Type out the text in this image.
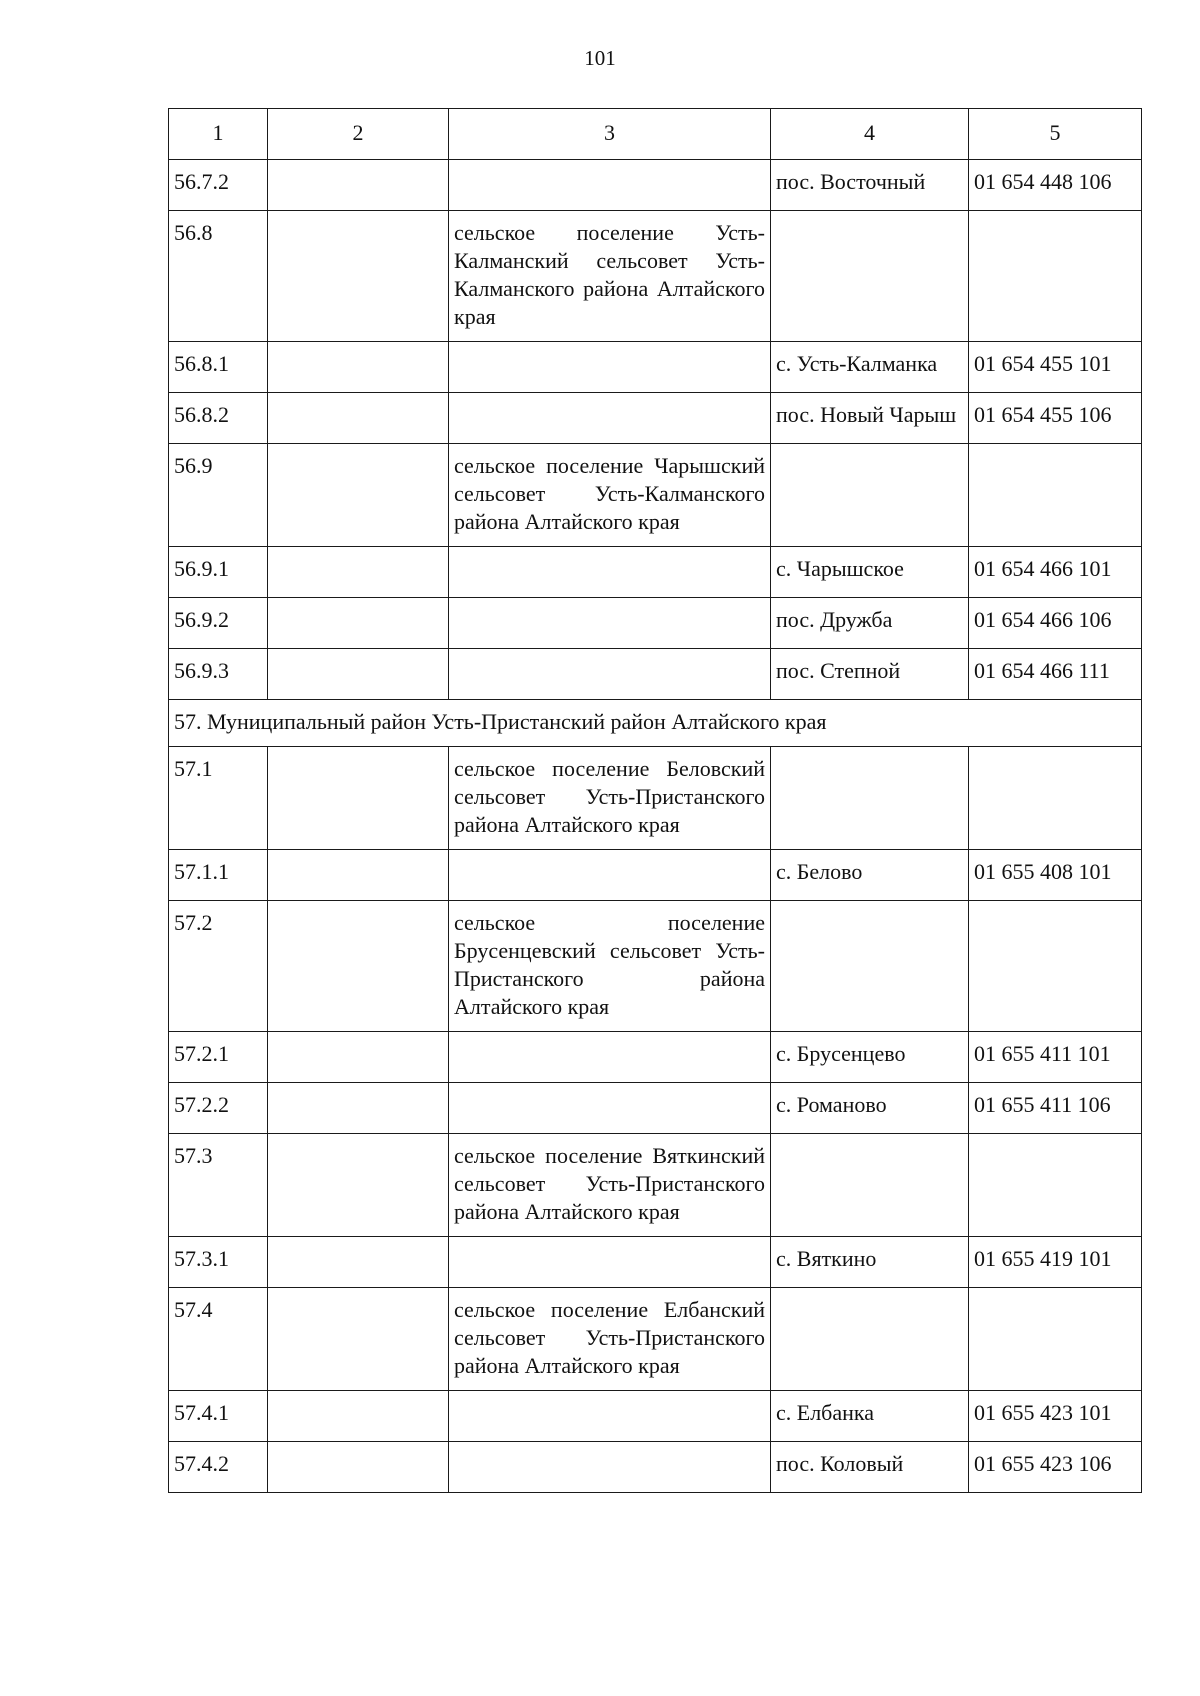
101
1	2	3	4	5
56.7.2			пос. Восточный	01 654 448 106
56.8		сельское поселение Усть-Калманский сельсовет Усть-Калманского района Алтайского края		
56.8.1			с. Усть-Калманка	01 654 455 101
56.8.2			пос. Новый Чарыш	01 654 455 106
56.9		сельское поселение Чарышский сельсовет Усть-Калманского района Алтайского края		
56.9.1			с. Чарышское	01 654 466 101
56.9.2			пос. Дружба	01 654 466 106
56.9.3			пос. Степной	01 654 466 111
57. Муниципальный район Усть-Пристанский район Алтайского края				
57.1		сельское поселение Беловский сельсовет Усть-Пристанского района Алтайского края		
57.1.1			с. Белово	01 655 408 101
57.2		сельское поселение Брусенцевский сельсовет Усть-Пристанского района Алтайского края		
57.2.1			с. Брусенцево	01 655 411 101
57.2.2			с. Романово	01 655 411 106
57.3		сельское поселение Вяткинский сельсовет Усть-Пристанского района Алтайского края		
57.3.1			с. Вяткино	01 655 419 101
57.4		сельское поселение Елбанский сельсовет Усть-Пристанского района Алтайского края		
57.4.1			с. Елбанка	01 655 423 101
57.4.2			пос. Коловый	01 655 423 106
